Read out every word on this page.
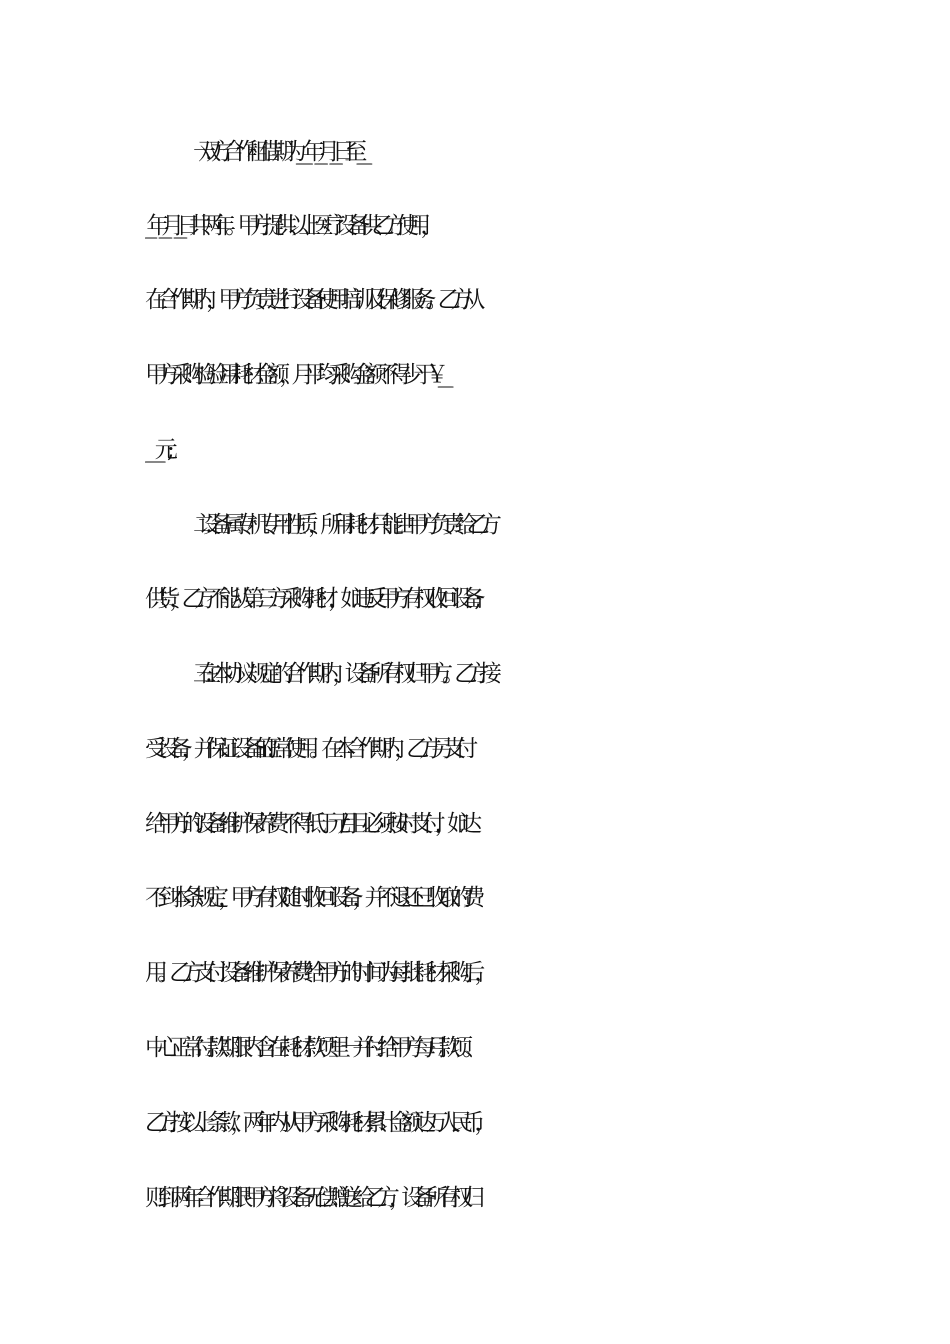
一. 双方合作租借期为_________年____月____日至_______
__年____月____日共两年。甲方提供以上医疗设备供乙方使用，
在合作期内，甲方负责进行设备使用培训及保修服务。乙方从
甲方采购检验用耗材金额，月平均采购金额不得少于￥_______
______________元;
二. 设备属专机专用性质，所用耗材只能由甲方负责给乙方
供货，乙方不能从第三方采购耗材，如违反甲方有权收回设备;
三. 在本协议规定的合作期内，设备所有权归甲方。乙方接
受设备，并保证设备的. 正常使用。在本合作期内，乙方另支付
给甲方的设备维护保养费不得低于元/月且必须按时支付，如达
不到本条规定，甲方有权随时收回设备，并不退还已收取的费
用。乙方支付设备维护保养费给甲方的时间为每批耗材采购后，
中心正常付款期限内含在耗材款项里一并付给甲方每月款项。
乙方按以上条款，两年内从甲方采购耗材累计金额达万人民币，
则到两年合作期限甲方将设备无偿赠送给乙方，设备所有权归
